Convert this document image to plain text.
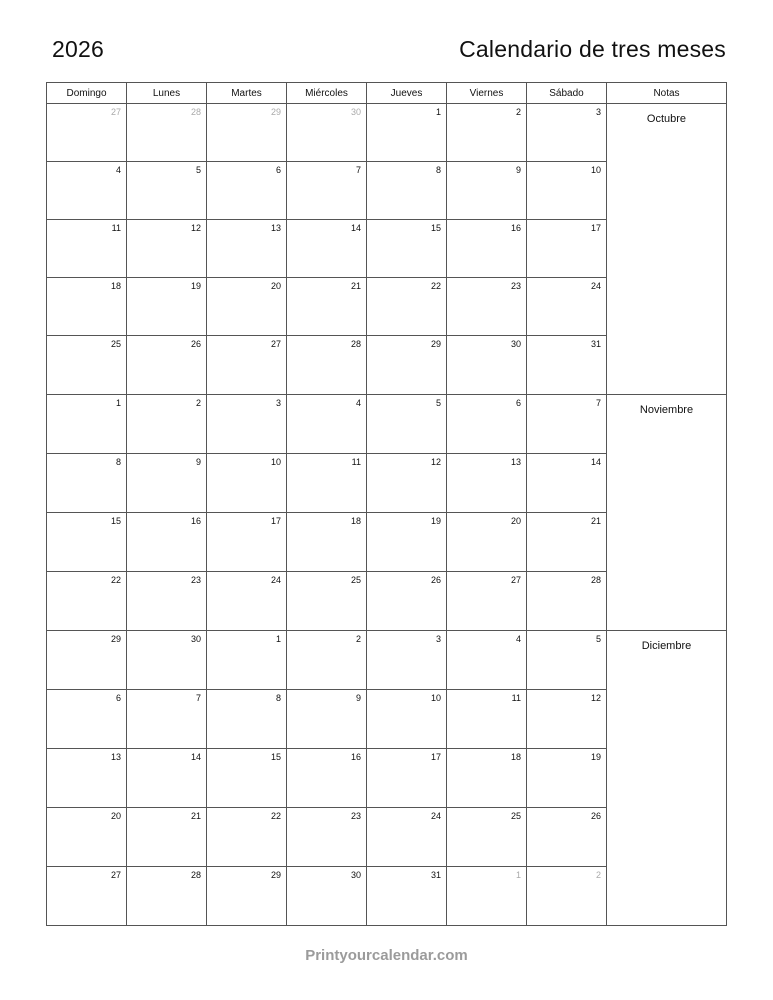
2026	Calendario de tres meses
Domingo	Lunes	Martes	Miércoles	Jueves	Viernes	Sábado	Notas

27	28	29	30	1	2	3	Octubre

4	5	6	7	8	9	10	

11	12	13	14	15	16	17	

18	19	20	21	22	23	24	

25	26	27	28	29	30	31	

1	2	3	4	5	6	7	Noviembre

8	9	10	11	12	13	14	

15	16	17	18	19	20	21	

22	23	24	25	26	27	28	

29	30	1	2	3	4	5	Diciembre

6	7	8	9	10	11	12	

13	14	15	16	17	18	19	

20	21	22	23	24	25	26	

27	28	29	30	31	1	2	
Printyourcalendar.com
